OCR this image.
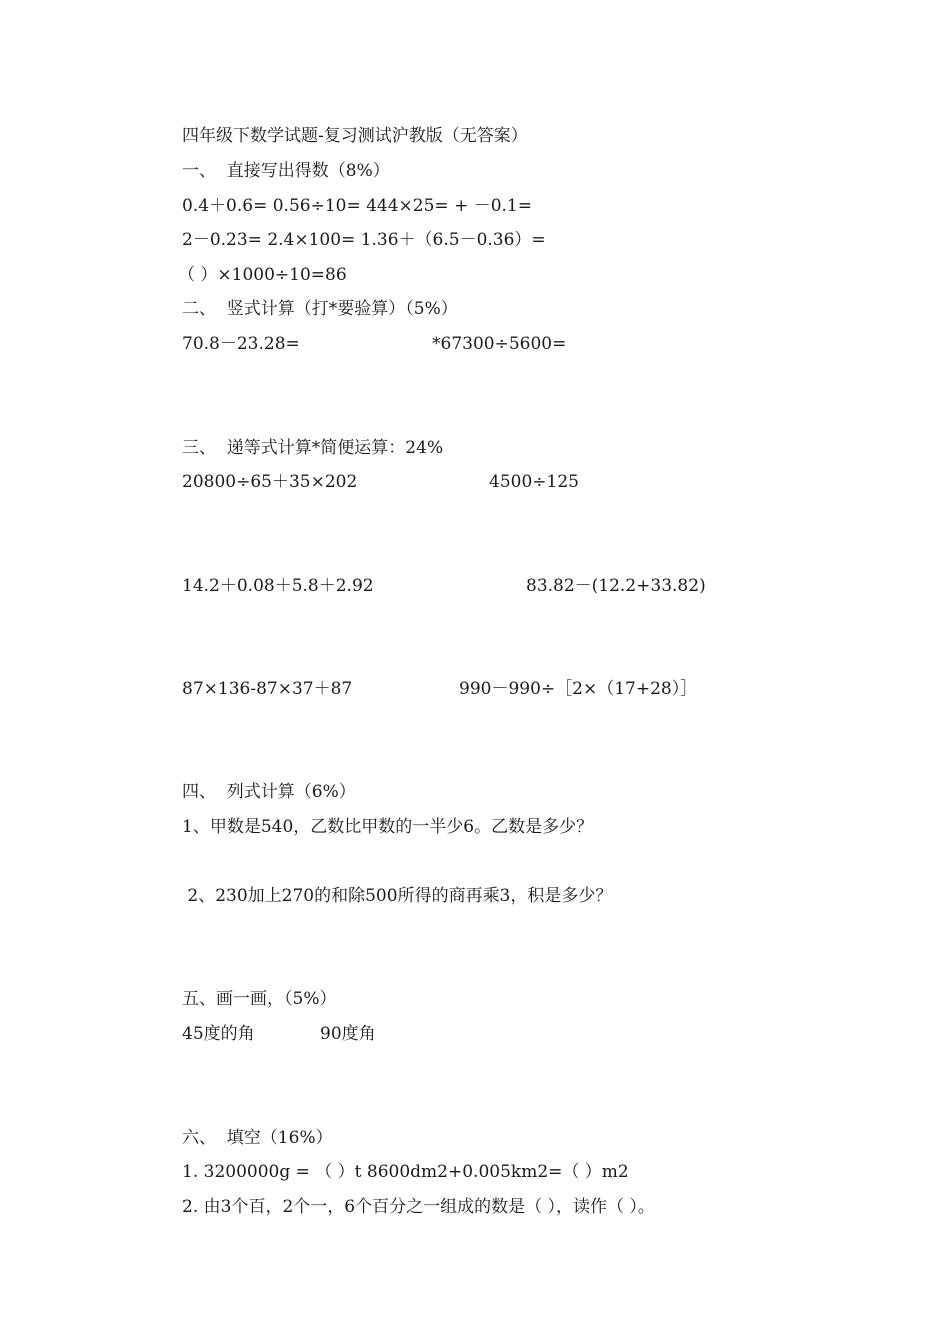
四年级下数学试题-复习测试沪教版（无答案）
一、  直接写出得数（8%）
0.4＋0.6= 0.56÷10= 444×25= + －0.1=
2－0.23= 2.4×100= 1.36＋（6.5－0.36）=
（ ）×1000÷10=86
二、  竖式计算（打*要验算）（5%）
70.8－23.28=	*67300÷5600=
三、  递等式计算*简便运算：24%
20800÷65＋35×202	4500÷125
14.2＋0.08＋5.8＋2.92	83.82－(12.2+33.82)
87×136-87×37＋87	990－990÷［2×（17+28）］
四、  列式计算（6%）
1、甲数是540，乙数比甲数的一半少6。乙数是多少？
2、230加上270的和除500所得的商再乘3，积是多少？
五、画一画，（5%）
45度的角	90度角
六、  填空（16%）
1. 3200000g = （ ）t 8600dm2+0.005km2=（ ）m2
2. 由3个百，2个一，6个百分之一组成的数是（ ），读作（ ）。
